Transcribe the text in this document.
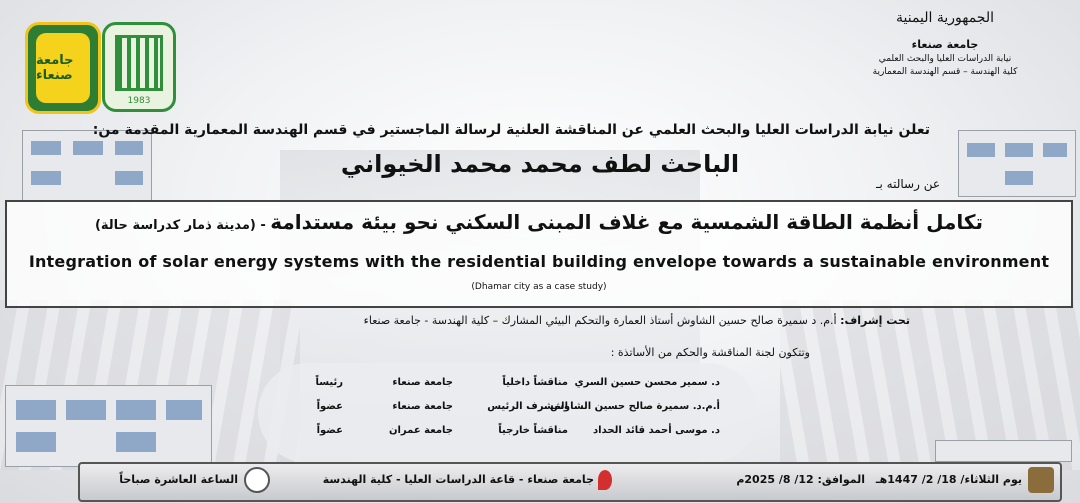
جامعة صنعاء
1983
الجمهورية اليمنية
جامعة صنعاء
نيابة الدراسات العليا والبحث العلمي
كلية الهندسة – قسم الهندسة المعمارية
تعلن نيابة الدراسات العليا والبحث العلمي عن المناقشة العلنية لرسالة الماجستير في قسم الهندسة المعمارية المقدمة من:
الباحث لطف محمد محمد الخيواني
عن رسالته بـ
تكامل أنظمة الطاقة الشمسية مع غلاف المبنى السكني نحو بيئة مستدامة - (مدينة ذمار كدراسة حالة)
Integration of solar energy systems with the residential building envelope towards a sustainable environment
(Dhamar city as a case study)
تحت إشراف: أ.م. د سميرة صالح حسين الشاوش أستاذ العمارة والتحكم البيئي المشارك – كلية الهندسة - جامعة صنعاء
وتتكون لجنة المناقشة والحكم من الأساتذة :
د. سمير محسن حسين السري
مناقشاً داخلياً
جامعة صنعاء
رئيساً
أ.م.د. سميرة صالح حسين الشاوش
المشرف الرئيس
جامعة صنعاء
عضواً
د. موسى أحمد قائد الحداد
مناقشاً خارجياً
جامعة عمران
عضواً
يوم الثلاثاء/ 18/ 2/ 1447هـ
الموافق: 12/ 8/ 2025م
جامعة صنعاء - قاعة الدراسات العليا - كلية الهندسة
الساعة العاشرة صباحاً
